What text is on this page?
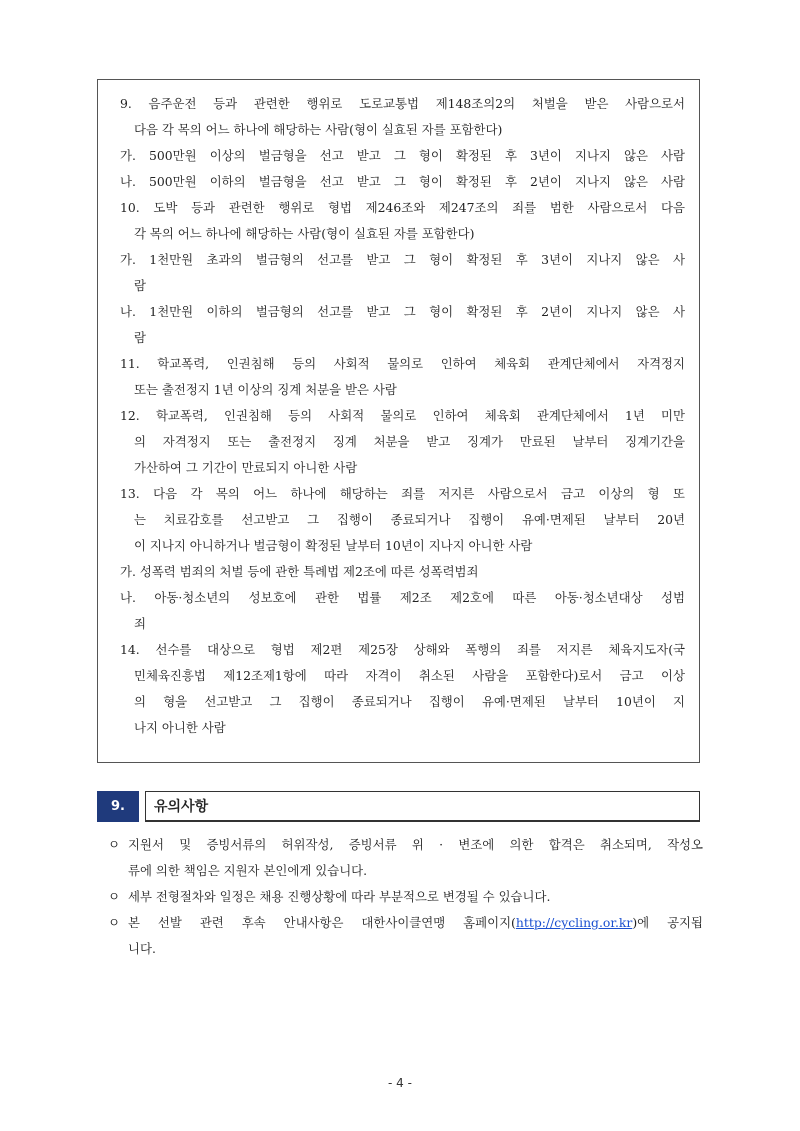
9. 음주운전 등과 관련한 행위로 도로교통법 제148조의2의 처벌을 받은 사람으로서
다음 각 목의 어느 하나에 해당하는 사람(형이 실효된 자를 포함한다)
가. 500만원 이상의 벌금형을 선고 받고 그 형이 확정된 후 3년이 지나지 않은 사람
나. 500만원 이하의 벌금형을 선고 받고 그 형이 확정된 후 2년이 지나지 않은 사람
10. 도박 등과 관련한 행위로 형법 제246조와 제247조의 죄를 범한 사람으로서 다음
각 목의 어느 하나에 해당하는 사람(형이 실효된 자를 포함한다)
가. 1천만원 초과의 벌금형의 선고를 받고 그 형이 확정된 후 3년이 지나지 않은 사
람
나. 1천만원 이하의 벌금형의 선고를 받고 그 형이 확정된 후 2년이 지나지 않은 사
람
11. 학교폭력, 인권침해 등의 사회적 물의로 인하여 체육회 관계단체에서 자격정지
또는 출전정지 1년 이상의 징계 처분을 받은 사람
12. 학교폭력, 인권침해 등의 사회적 물의로 인하여 체육회 관계단체에서 1년 미만
의 자격정지 또는 출전정지 징계 처분을 받고 징계가 만료된 날부터 징계기간을
가산하여 그 기간이 만료되지 아니한 사람
13. 다음 각 목의 어느 하나에 해당하는 죄를 저지른 사람으로서 금고 이상의 형 또
는 치료감호를 선고받고 그 집행이 종료되거나 집행이 유예·면제된 날부터 20년
이 지나지 아니하거나 벌금형이 확정된 날부터 10년이 지나지 아니한 사람
가. 성폭력 범죄의 처벌 등에 관한 특례법 제2조에 따른 성폭력범죄
나. 아동·청소년의 성보호에 관한 법률 제2조 제2호에 따른 아동·청소년대상 성범
죄
14. 선수를 대상으로 형법 제2편 제25장 상해와 폭행의 죄를 저지른 체육지도자(국
민체육진흥법 제12조제1항에 따라 자격이 취소된 사람을 포함한다)로서 금고 이상
의 형을 선고받고 그 집행이 종료되거나 집행이 유예·면제된 날부터 10년이 지
나지 아니한 사람
9.	유의사항
ㅇ 지원서 및 증빙서류의 허위작성, 증빙서류 위 · 변조에 의한 합격은 취소되며, 작성오
류에 의한 책임은 지원자 본인에게 있습니다.
ㅇ 세부 전형절차와 일정은 채용 진행상황에 따라 부분적으로 변경될 수 있습니다.
ㅇ 본 선발 관련 후속 안내사항은 대한사이클연맹 홈페이지(http://cycling.or.kr)에 공지됩
니다.
- 4 -
